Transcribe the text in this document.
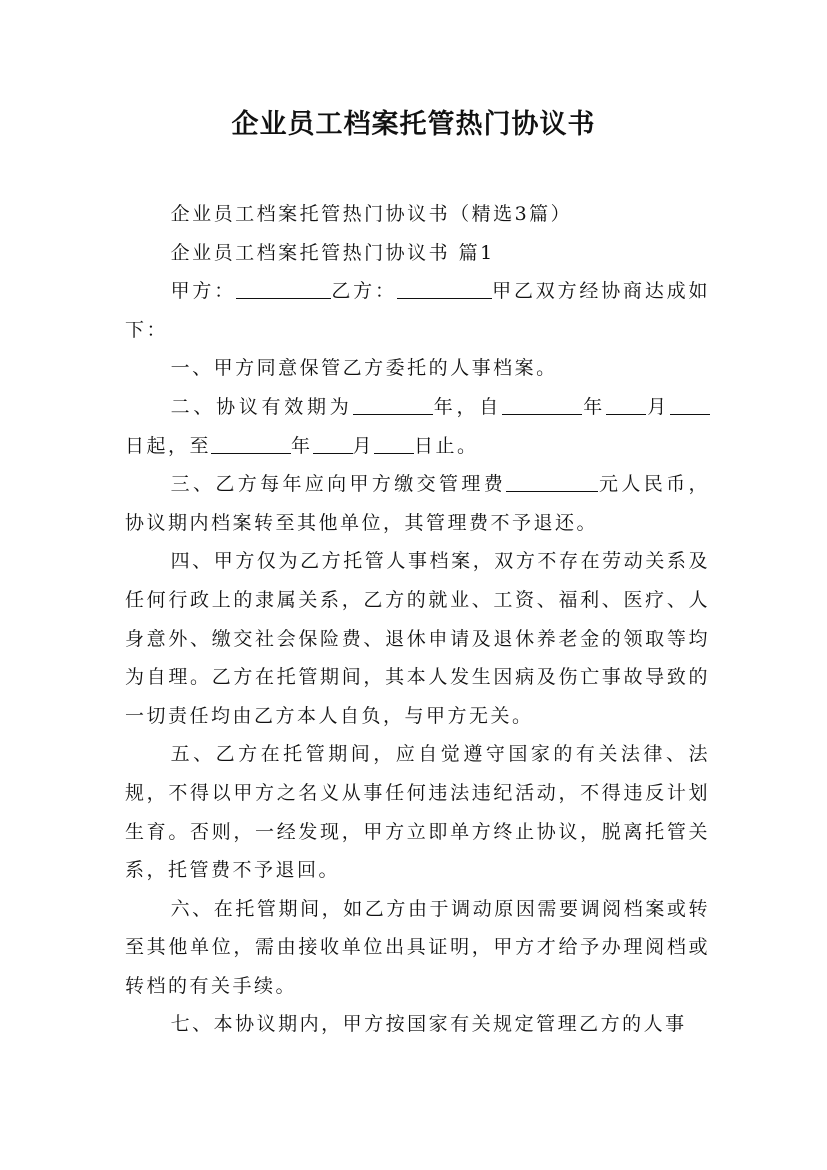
企业员工档案托管热门协议书

企业员工档案托管热门协议书（精选3篇）

企业员工档案托管热门协议书 篇1

甲方：	乙方：	甲乙双方经协商达成如下：

一、甲方同意保管乙方委托的人事档案。

二、协议有效期为	年，自	年 月日起，至	年 月 日止。

三、乙方每年应向甲方缴交管理费	元人民币，协议期内档案转至其他单位，其管理费不予退还。

四、甲方仅为乙方托管人事档案，双方不存在劳动关系及任何行政上的隶属关系，乙方的就业、工资、福利、医疗、人身意外、缴交社会保险费、退休申请及退休养老金的领取等均为自理。乙方在托管期间，其本人发生因病及伤亡事故导致的一切责任均由乙方本人自负，与甲方无关。

五、乙方在托管期间，应自觉遵守国家的有关法律、法规，不得以甲方之名义从事任何违法违纪活动，不得违反计划生育。否则，一经发现，甲方立即单方终止协议，脱离托管关系，托管费不予退回。

六、在托管期间，如乙方由于调动原因需要调阅档案或转至其他单位，需由接收单位出具证明，甲方才给予办理阅档或转档的有关手续。

七、本协议期内，甲方按国家有关规定管理乙方的人事
